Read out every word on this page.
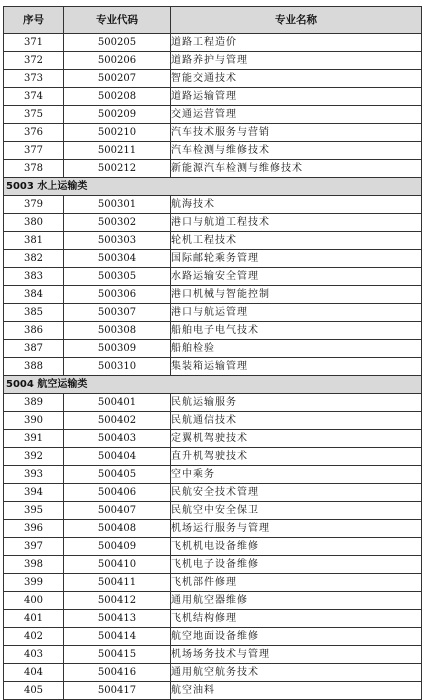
序号	专业代码	专业名称
371	500205	道路工程造价
372	500206	道路养护与管理
373	500207	智能交通技术
374	500208	道路运输管理
375	500209	交通运营管理
376	500210	汽车技术服务与营销
377	500211	汽车检测与维修技术
378	500212	新能源汽车检测与维修技术
5003 水上运输类		
379	500301	航海技术
380	500302	港口与航道工程技术
381	500303	轮机工程技术
382	500304	国际邮轮乘务管理
383	500305	水路运输安全管理
384	500306	港口机械与智能控制
385	500307	港口与航运管理
386	500308	船舶电子电气技术
387	500309	船舶检验
388	500310	集装箱运输管理
5004 航空运输类		
389	500401	民航运输服务
390	500402	民航通信技术
391	500403	定翼机驾驶技术
392	500404	直升机驾驶技术
393	500405	空中乘务
394	500406	民航安全技术管理
395	500407	民航空中安全保卫
396	500408	机场运行服务与管理
397	500409	飞机机电设备维修
398	500410	飞机电子设备维修
399	500411	飞机部件修理
400	500412	通用航空器维修
401	500413	飞机结构修理
402	500414	航空地面设备维修
403	500415	机场场务技术与管理
404	500416	通用航空航务技术
405	500417	航空油料
